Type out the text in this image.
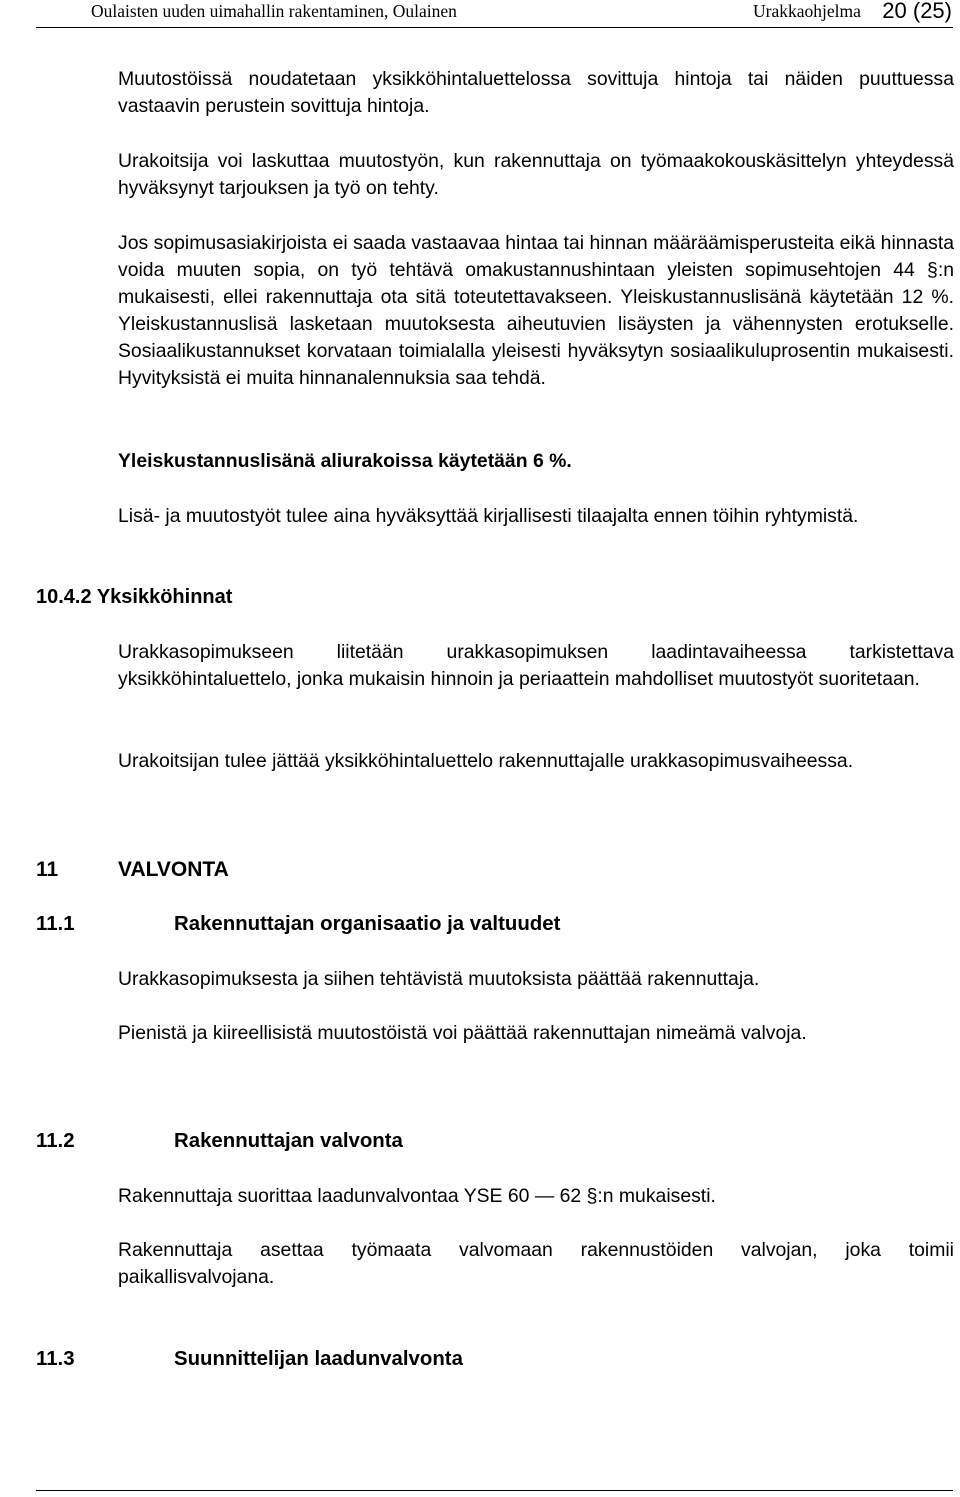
Oulaisten uuden uimahallin rakentaminen, Oulainen	Urakkaohjelma 20 (25)

Muutostöissä noudatetaan yksikköhintaluettelossa sovittuja hintoja tai näiden puuttuessa vastaavin perustein sovittuja hintoja.

Urakoitsija voi laskuttaa muutostyön, kun rakennuttaja on työmaakokouskäsittelyn yhteydessä hyväksynyt tarjouksen ja työ on tehty.

Jos sopimusasiakirjoista ei saada vastaavaa hintaa tai hinnan määräämisperusteita eikä hinnasta voida muuten sopia, on työ tehtävä omakustannushintaan yleisten sopimusehtojen 44 §:n mukaisesti, ellei rakennuttaja ota sitä toteutettavakseen. Yleiskustannuslisänä käytetään 12 %. Yleiskustannuslisä lasketaan muutoksesta aiheutuvien lisäysten ja vähennysten erotukselle. Sosiaalikustannukset korvataan toimialalla yleisesti hyväksytyn sosiaalikuluprosentin mukaisesti. Hyvityksistä ei muita hinnanalennuksia saa tehdä.

Yleiskustannuslisänä aliurakoissa käytetään 6 %.

Lisä- ja muutostyöt tulee aina hyväksyttää kirjallisesti tilaajalta ennen töihin ryhtymistä.

10.4.2 Yksikköhinnat

Urakkasopimukseen liitetään urakkasopimuksen laadintavaiheessa tarkistettava yksikköhintaluettelo, jonka mukaisin hinnoin ja periaattein mahdolliset muutostyöt suoritetaan.

Urakoitsijan tulee jättää yksikköhintaluettelo rakennuttajalle urakkasopimusvaiheessa.

11	VALVONTA
11.1	Rakennuttajan organisaatio ja valtuudet

Urakkasopimuksesta ja siihen tehtävistä muutoksista päättää rakennuttaja.

Pienistä ja kiireellisistä muutostöistä voi päättää rakennuttajan nimeämä valvoja.

11.2	Rakennuttajan valvonta

Rakennuttaja suorittaa laadunvalvontaa YSE 60 — 62 §:n mukaisesti.

Rakennuttaja asettaa työmaata valvomaan rakennustöiden valvojan, joka toimii paikallisvalvojana.

11.3	Suunnittelijan laadunvalvonta
